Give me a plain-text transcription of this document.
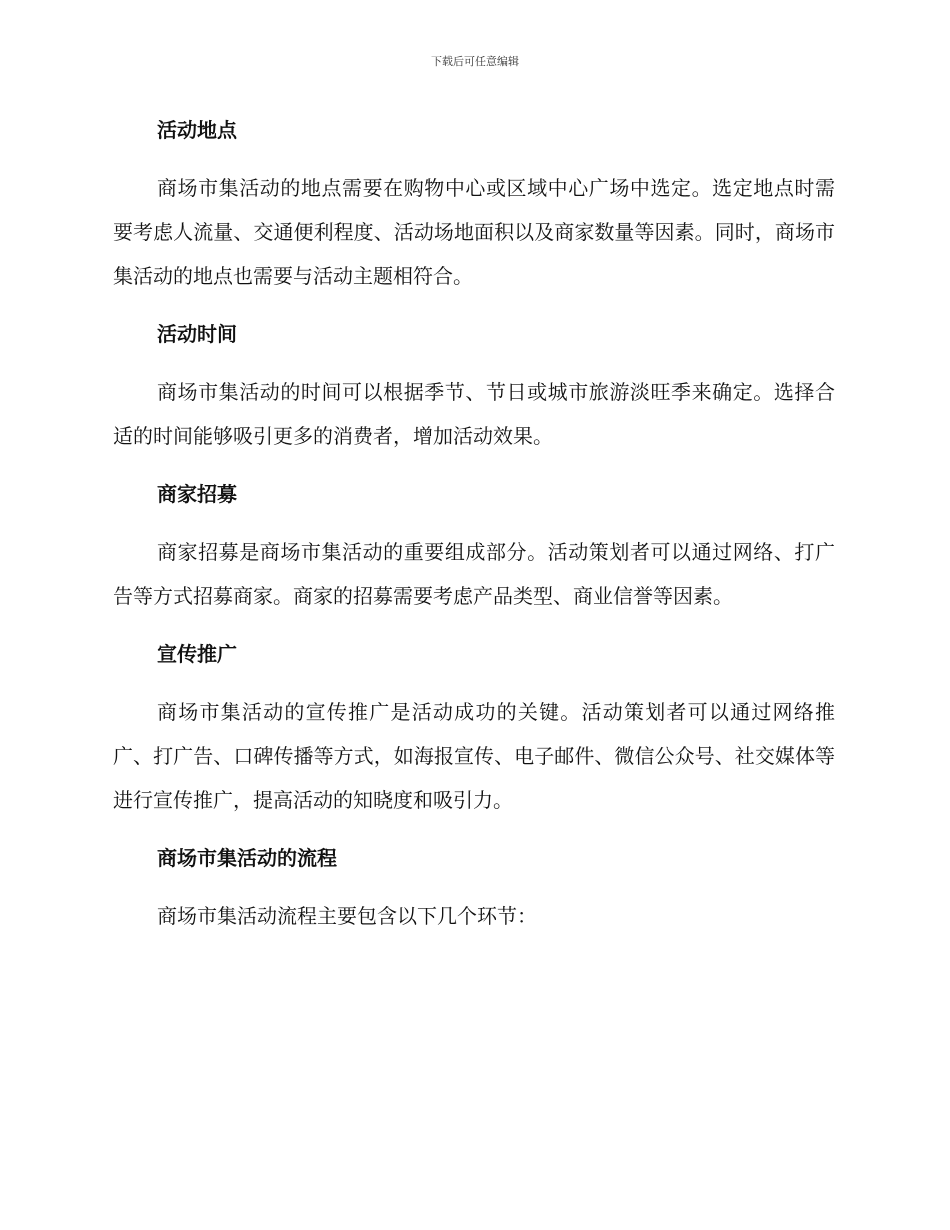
下载后可任意编辑
活动地点

商场市集活动的地点需要在购物中心或区域中心广场中选定。选定地点时需要考虑人流量、交通便利程度、活动场地面积以及商家数量等因素。同时，商场市集活动的地点也需要与活动主题相符合。

活动时间

商场市集活动的时间可以根据季节、节日或城市旅游淡旺季来确定。选择合适的时间能够吸引更多的消费者，增加活动效果。

商家招募

商家招募是商场市集活动的重要组成部分。活动策划者可以通过网络、打广告等方式招募商家。商家的招募需要考虑产品类型、商业信誉等因素。

宣传推广

商场市集活动的宣传推广是活动成功的关键。活动策划者可以通过网络推广、打广告、口碑传播等方式，如海报宣传、电子邮件、微信公众号、社交媒体等进行宣传推广，提高活动的知晓度和吸引力。

商场市集活动的流程

商场市集活动流程主要包含以下几个环节：
